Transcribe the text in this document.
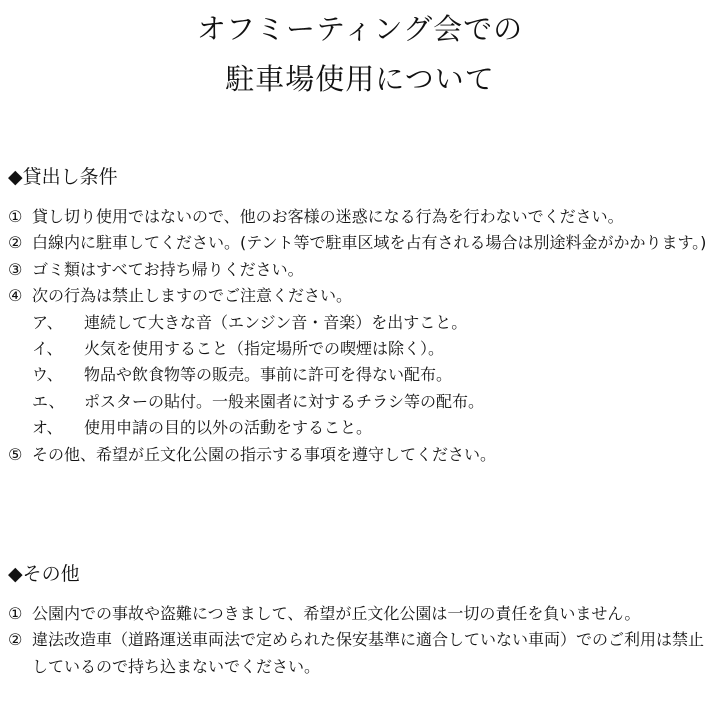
オフミーティング会での
駐車場使用について
◆貸出し条件
① 貸し切り使用ではないので、他のお客様の迷惑になる行為を行わないでください。
② 白線内に駐車してください。(テント等で駐車区域を占有される場合は別途料金がかかります。)
③ ゴミ類はすべてお持ち帰りください。
④ 次の行為は禁止しますのでご注意ください。
ア、	連続して大きな音（エンジン音・音楽）を出すこと。
イ、	火気を使用すること（指定場所での喫煙は除く）。
ウ、	物品や飲食物等の販売。事前に許可を得ない配布。
エ、	ポスターの貼付。一般来園者に対するチラシ等の配布。
オ、	使用申請の目的以外の活動をすること。
⑤ その他、希望が丘文化公園の指示する事項を遵守してください。
◆その他
① 公園内での事故や盗難につきまして、希望が丘文化公園は一切の責任を負いません。
② 違法改造車（道路運送車両法で定められた保安基準に適合していない車両）でのご利用は禁止しているので持ち込まないでください。
